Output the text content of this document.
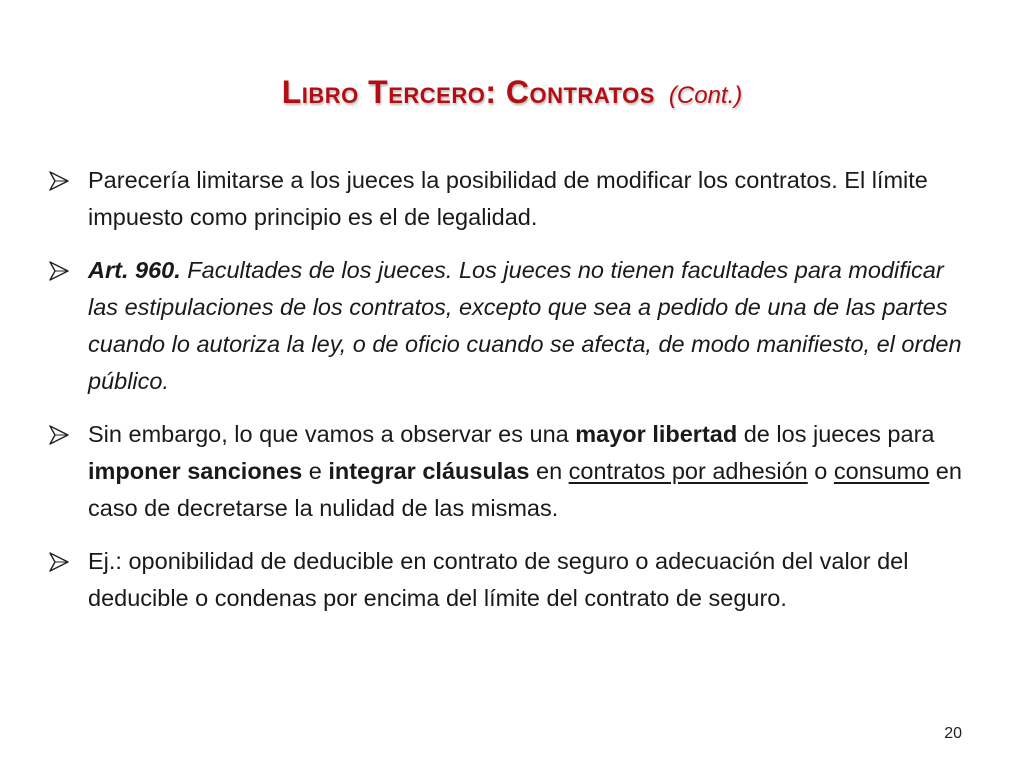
Libro Tercero: Contratos (Cont.)
Parecería limitarse a los jueces la posibilidad de modificar los contratos. El límite impuesto como principio es el de legalidad.
Art. 960. Facultades de los jueces. Los jueces no tienen facultades para modificar las estipulaciones de los contratos, excepto que sea a pedido de una de las partes cuando lo autoriza la ley, o de oficio cuando se afecta, de modo manifiesto, el orden público.
Sin embargo, lo que vamos a observar es una mayor libertad de los jueces para imponer sanciones e integrar cláusulas en contratos por adhesión o consumo en caso de decretarse la nulidad de las mismas.
Ej.: oponibilidad de deducible en contrato de seguro o adecuación del valor del deducible o condenas por encima del límite del contrato de seguro.
20
